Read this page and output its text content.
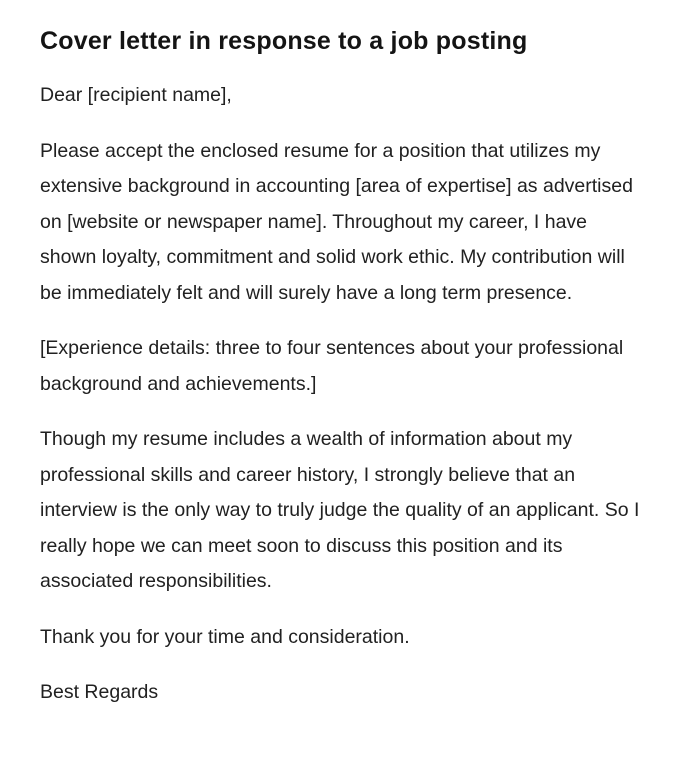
Cover letter in response to a job posting

Dear [recipient name],

Please accept the enclosed resume for a position that utilizes my extensive background in accounting [area of expertise] as advertised on [website or newspaper name]. Throughout my career, I have shown loyalty, commitment and solid work ethic. My contribution will be immediately felt and will surely have a long term presence.

[Experience details: three to four sentences about your professional background and achievements.]

Though my resume includes a wealth of information about my professional skills and career history, I strongly believe that an interview is the only way to truly judge the quality of an applicant. So I really hope we can meet soon to discuss this position and its associated responsibilities.

Thank you for your time and consideration.

Best Regards
